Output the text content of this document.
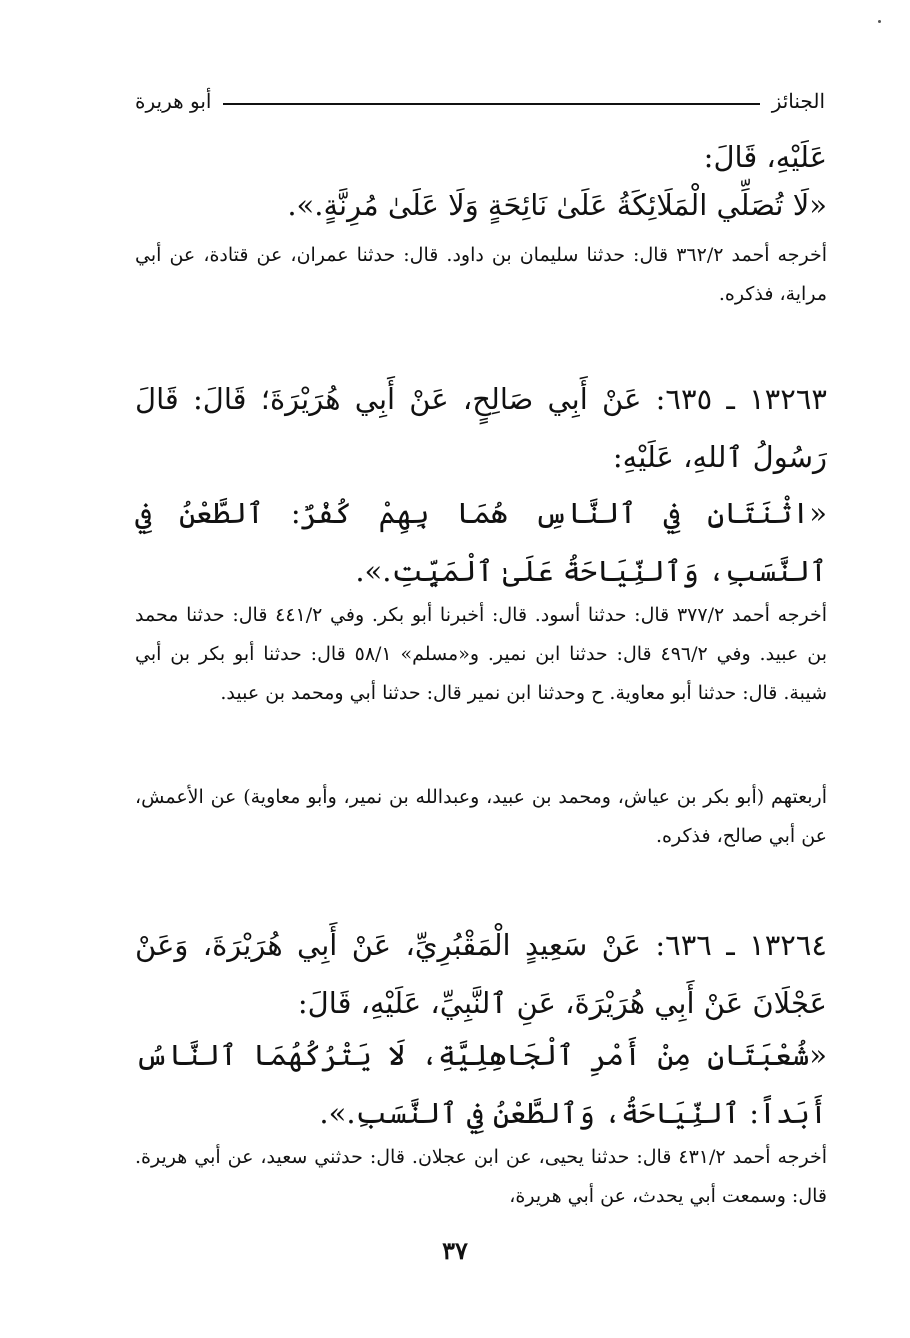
الجنائز
أبو هريرة
عَلَيْهِ، قَالَ:
«لَا تُصَلِّي الْمَلَائِكَةُ عَلَىٰ نَائِحَةٍ وَلَا عَلَىٰ مُرِنَّةٍ.».
أخرجه أحمد ٣٦٢/٢ قال: حدثنا سليمان بن داود. قال: حدثنا عمران، عن قتادة، عن أبي مراية، فذكره.
١٣٢٦٣ ـ ٦٣٥: عَنْ أَبِي صَالِحٍ، عَنْ أَبِي هُرَيْرَةَ؛ قَالَ: قَالَ رَسُولُ ٱللهِ، عَلَيْهِ:
«اثْنَتَانِ فِي ٱلنَّاسِ هُمَا بِهِمْ كُفْرٌ: ٱلطَّعْنُ فِي ٱلنَّسَبِ، وَٱلنِّيَاحَةُ عَلَىٰ ٱلْمَيِّتِ.».
أخرجه أحمد ٣٧٧/٢ قال: حدثنا أسود. قال: أخبرنا أبو بكر. وفي ٤٤١/٢ قال: حدثنا محمد بن عبيد. وفي ٤٩٦/٢ قال: حدثنا ابن نمير. و«مسلم» ٥٨/١ قال: حدثنا أبو بكر بن أبي شيبة. قال: حدثنا أبو معاوية. ح وحدثنا ابن نمير قال: حدثنا أبي ومحمد بن عبيد.
أربعتهم (أبو بكر بن عياش، ومحمد بن عبيد، وعبدالله بن نمير، وأبو معاوية) عن الأعمش، عن أبي صالح، فذكره.
١٣٢٦٤ ـ ٦٣٦: عَنْ سَعِيدٍ الْمَقْبُرِيِّ، عَنْ أَبِي هُرَيْرَةَ، وَعَنْ عَجْلَانَ عَنْ أَبِي هُرَيْرَةَ، عَنِ ٱلنَّبِيِّ، عَلَيْهِ، قَالَ:
«شُعْبَتَانِ مِنْ أَمْرِ ٱلْجَاهِلِيَّةِ، لَا يَتْرُكُهُمَا ٱلنَّاسُ أَبَداً: ٱلنِّيَاحَةُ، وَٱلطَّعْنُ فِي ٱلنَّسَبِ.».
أخرجه أحمد ٤٣١/٢ قال: حدثنا يحيى، عن ابن عجلان. قال: حدثني سعيد، عن أبي هريرة. قال: وسمعت أبي يحدث، عن أبي هريرة،
٣٧
